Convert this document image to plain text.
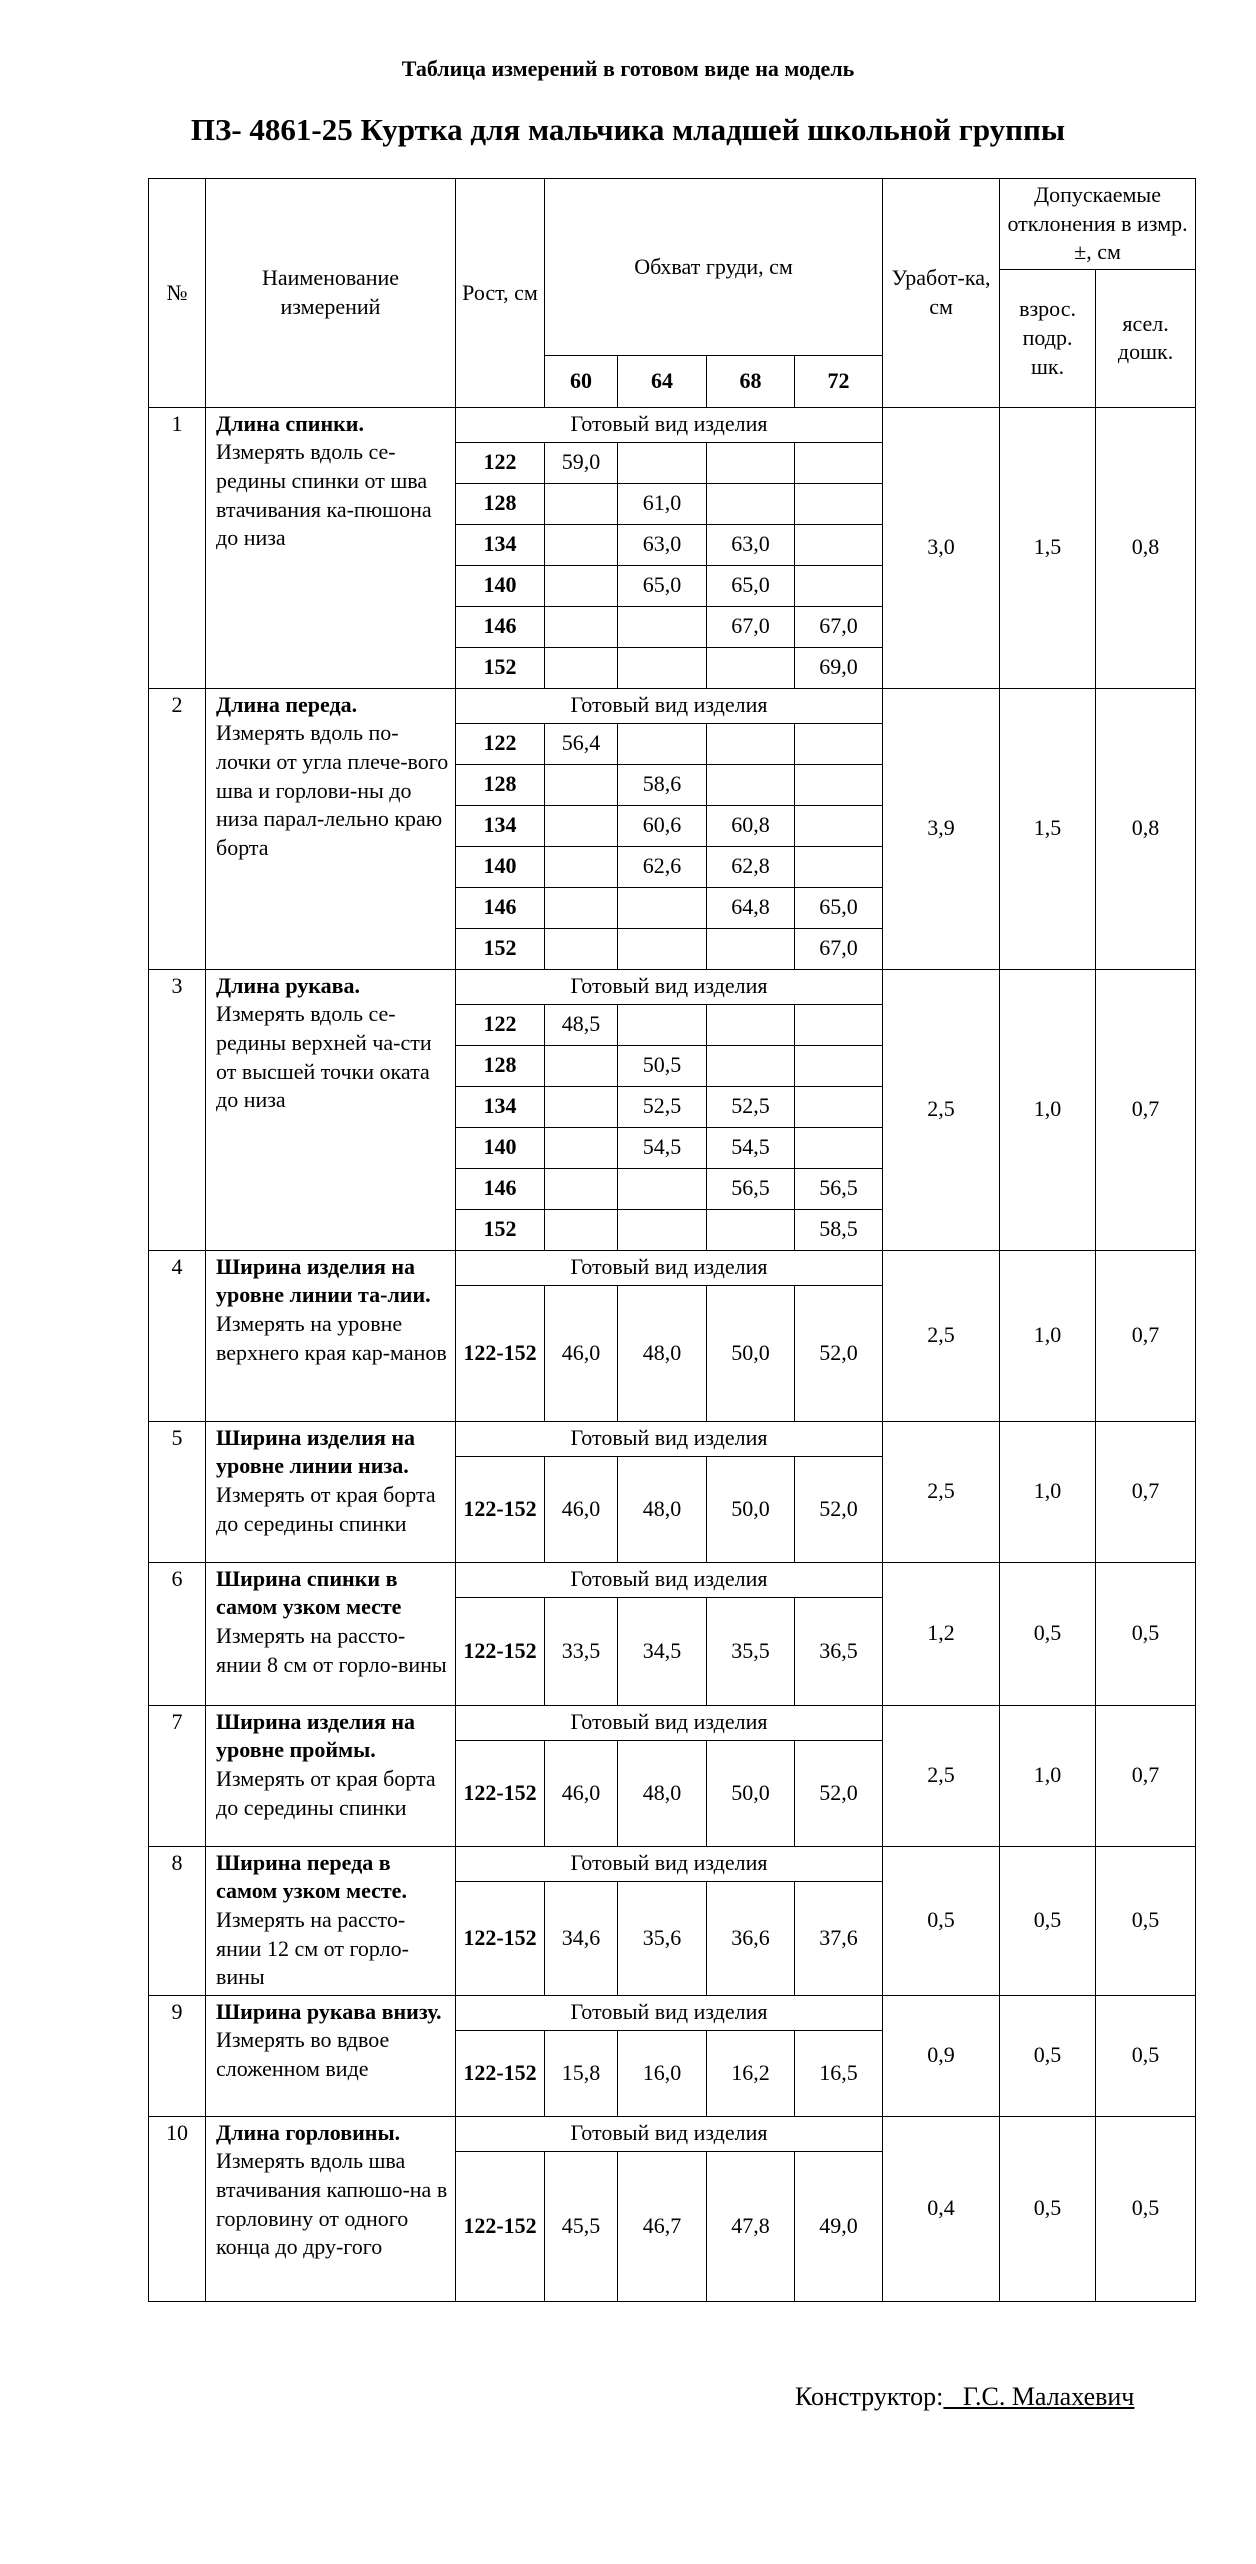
Таблица измерений в готовом виде на модель
ПЗ- 4861-25 Куртка для мальчика младшей школьной группы
№	Наименование измерений	Рост, см	Обхват груди, см				Уработ-ка, см	Допускаемые отклонения в измр. ±, см	
								взрос. подр. шк.	ясел. дошк.
			60	64	68	72			
1	Длина спинки.
Измерять вдоль се-редины спинки от шва втачивания ка-пюшона до низа	Готовый вид изделия					3,0	1,5	0,8
		122	59,0						
		128		61,0					
		134		63,0	63,0				
		140		65,0	65,0				
		146			67,0	67,0			
		152				69,0			
2	Длина переда.
Измерять вдоль по-лочки от угла плече-вого шва и горлови-ны до низа парал-лельно краю борта	Готовый вид изделия					3,9	1,5	0,8
		122	56,4						
		128		58,6					
		134		60,6	60,8				
		140		62,6	62,8				
		146			64,8	65,0			
		152				67,0			
3	Длина рукава.
Измерять вдоль се-редины верхней ча-сти от высшей точки оката до низа	Готовый вид изделия					2,5	1,0	0,7
		122	48,5						
		128		50,5					
		134		52,5	52,5				
		140		54,5	54,5				
		146			56,5	56,5			
		152				58,5			
4	Ширина изделия на уровне линии та-лии.
Измерять на уровне верхнего края кар-манов	Готовый вид изделия					2,5	1,0	0,7
		122-152	46,0	48,0	50,0	52,0			
5	Ширина изделия на уровне линии низа.
Измерять от края борта до середины спинки	Готовый вид изделия					2,5	1,0	0,7
		122-152	46,0	48,0	50,0	52,0			
6	Ширина спинки в самом узком месте
Измерять на рассто-янии 8 см от горло-вины	Готовый вид изделия					1,2	0,5	0,5
		122-152	33,5	34,5	35,5	36,5			
7	Ширина изделия на уровне проймы.
Измерять от края борта до середины спинки	Готовый вид изделия					2,5	1,0	0,7
		122-152	46,0	48,0	50,0	52,0			
8	Ширина переда в самом узком месте.
Измерять на рассто-янии 12 см от горло-вины	Готовый вид изделия					0,5	0,5	0,5
		122-152	34,6	35,6	36,6	37,6			
9	Ширина рукава внизу.
Измерять во вдвое сложенном виде	Готовый вид изделия					0,9	0,5	0,5
		122-152	15,8	16,0	16,2	16,5			
10	Длина горловины.
Измерять вдоль шва втачивания капюшо-на в горловину от одного конца до дру-гого	Готовый вид изделия					0,4	0,5	0,5
		122-152	45,5	46,7	47,8	49,0			
Конструктор:   Г.С. Малахевич
